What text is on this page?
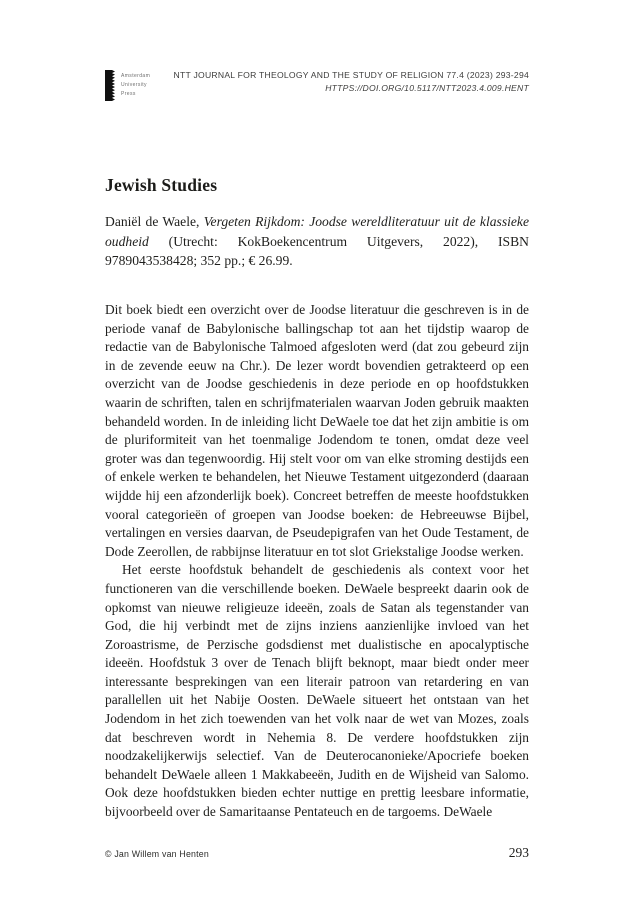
Amsterdam
University
Press
NTT JOURNAL FOR THEOLOGY AND THE STUDY OF RELIGION 77.4 (2023) 293-294
HTTPS://DOI.ORG/10.5117/NTT2023.4.009.HENT
Jewish Studies

Daniël de Waele, Vergeten Rijkdom: Joodse wereldliteratuur uit de klassieke oudheid (Utrecht: KokBoekencentrum Uitgevers, 2022), ISBN 9789043538428; 352 pp.; € 26.99.

Dit boek biedt een overzicht over de Joodse literatuur die geschreven is in de periode vanaf de Babylonische ballingschap tot aan het tijdstip waarop de redactie van de Babylonische Talmoed afgesloten werd (dat zou gebeurd zijn in de zevende eeuw na Chr.). De lezer wordt bovendien getrakteerd op een overzicht van de Joodse geschiedenis in deze periode en op hoofdstukken waarin de schriften, talen en schrijfmaterialen waarvan Joden gebruik maakten behandeld worden. In de inleiding licht DeWaele toe dat het zijn ambitie is om de pluriformiteit van het toenmalige Jodendom te tonen, omdat deze veel groter was dan tegenwoordig. Hij stelt voor om van elke stroming destijds een of enkele werken te behandelen, het Nieuwe Testament uitgezonderd (daaraan wijdde hij een afzonderlijk boek). Concreet betreffen de meeste hoofdstukken vooral categorieën of groepen van Joodse boeken: de Hebreeuwse Bijbel, vertalingen en versies daarvan, de Pseudepigrafen van het Oude Testament, de Dode Zeerollen, de rabbijnse literatuur en tot slot Griekstalige Joodse werken.

Het eerste hoofdstuk behandelt de geschiedenis als context voor het functioneren van die verschillende boeken. DeWaele bespreekt daarin ook de opkomst van nieuwe religieuze ideeën, zoals de Satan als tegenstander van God, die hij verbindt met de zijns inziens aanzienlijke invloed van het Zoroastrisme, de Perzische godsdienst met dualistische en apocalyptische ideeën. Hoofdstuk 3 over de Tenach blijft beknopt, maar biedt onder meer interessante besprekingen van een literair patroon van retardering en van parallellen uit het Nabije Oosten. DeWaele situeert het ontstaan van het Jodendom in het zich toewenden van het volk naar de wet van Mozes, zoals dat beschreven wordt in Nehemia 8. De verdere hoofdstukken zijn noodzakelijkerwijs selectief. Van de Deuterocanonieke/Apocriefe boeken behandelt DeWaele alleen 1 Makkabeeën, Judith en de Wijsheid van Salomo. Ook deze hoofdstukken bieden echter nuttige en prettig leesbare informatie, bijvoorbeeld over de Samaritaanse Pentateuch en de targoems. DeWaele

© Jan Willem van Henten	293
